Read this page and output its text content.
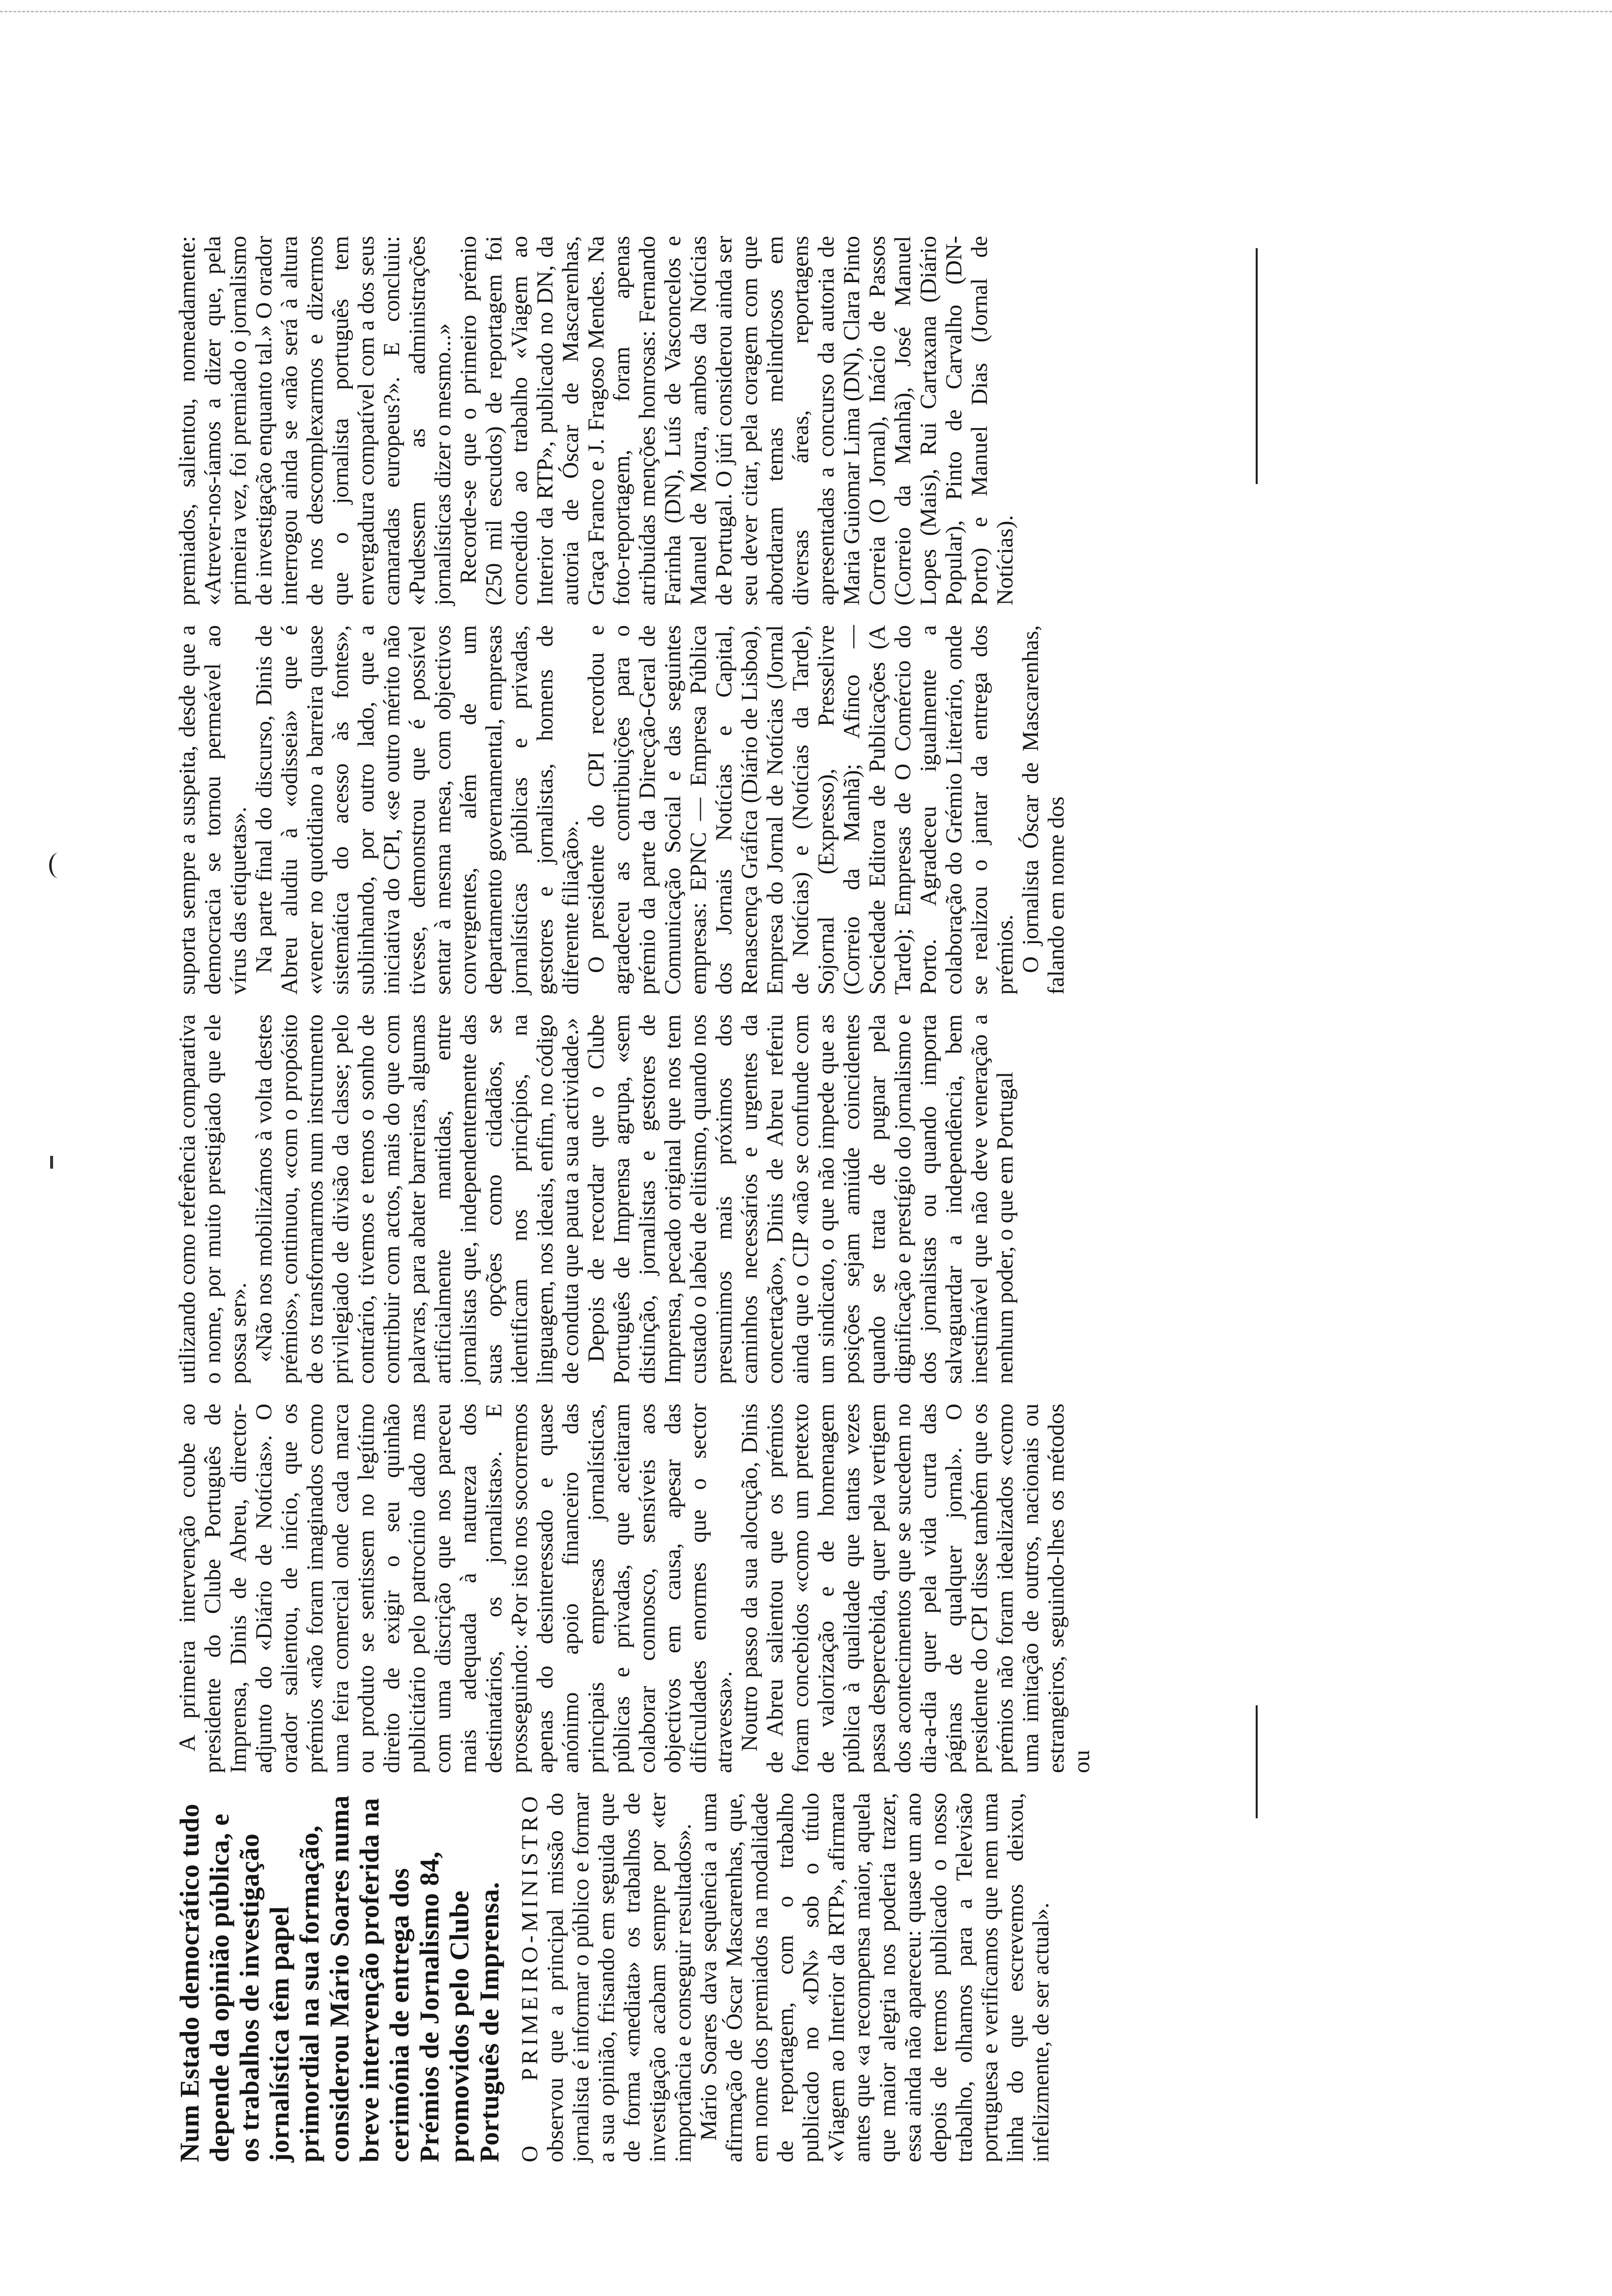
Num Estado democrático tudo depende da opinião pública, e os trabalhos de investigação jornalística têm papel primordial na sua formação, considerou Mário Soares numa breve intervenção proferida na cerimónia de entrega dos Prémios de Jornalismo 84, promovidos pelo Clube Português de Imprensa. O PRIMEIRO-MINISTRO observou que a principal missão do jornalista é informar o público e formar a sua opinião, frisando em seguida que de forma «mediata» os trabalhos de investigação acabam sempre por «ter importância e conseguir resultados». Mário Soares dava sequência a uma afirmação de Óscar Mascarenhas, que, em nome dos premiados na modalidade de reportagem, com o trabalho publicado no «DN» sob o título «Viagem ao Interior da RTP», afirmara antes que «a recompensa maior, aquela que maior alegria nos poderia trazer, essa ainda não apareceu: quase um ano depois de termos publicado o nosso trabalho, olhamos para a Televisão portuguesa e verificamos que nem uma linha do que escrevemos deixou, infelizmente, de ser actual».

A primeira intervenção coube ao presidente do Clube Português de Imprensa, Dinis de Abreu, director-adjunto do «Diário de Notícias». O orador salientou, de início, que os prémios «não foram imaginados como uma feira comercial onde cada marca ou produto se sentissem no legítimo direito de exigir o seu quinhão publicitário pelo patrocínio dado mas com uma discrição que nos pareceu mais adequada à natureza dos destinatários, os jornalistas». E prosseguindo: «Por isto nos socorremos apenas do desinteressado e quase anónimo apoio financeiro das principais empresas jornalísticas, públicas e privadas, que aceitaram colaborar connosco, sensíveis aos objectivos em causa, apesar das dificuldades enormes que o sector atravessa». Noutro passo da sua alocução, Dinis de Abreu salientou que os prémios foram concebidos «como um pretexto de valorização e de homenagem pública à qualidade que tantas vezes passa despercebida, quer pela vertigem dos acontecimentos que se sucedem no dia-a-dia quer pela vida curta das páginas de qualquer jornal». O presidente do CPI disse também que os prémios não foram idealizados «como uma imitação de outros, nacionais ou estrangeiros, seguindo-lhes os métodos ou

utilizando como referência comparativa o nome, por muito prestigiado que ele possa ser». «Não nos mobilizámos à volta destes prémios», continuou, «com o propósito de os transformarmos num instrumento privilegiado de divisão da classe; pelo contrário, tivemos e temos o sonho de contribuir com actos, mais do que com palavras, para abater barreiras, algumas artificialmente mantidas, entre jornalistas que, independentemente das suas opções como cidadãos, se identificam nos princípios, na linguagem, nos ideais, enfim, no código de conduta que pauta a sua actividade.» Depois de recordar que o Clube Português de Imprensa agrupa, «sem distinção, jornalistas e gestores de Imprensa, pecado original que nos tem custado o labéu de elitismo, quando nos presumimos mais próximos dos caminhos necessários e urgentes da concertação», Dinis de Abreu referiu ainda que o CIP «não se confunde com um sindicato, o que não impede que as posições sejam amiúde coincidentes quando se trata de pugnar pela dignificação e prestígio do jornalismo e dos jornalistas ou quando importa salvaguardar a independência, bem inestimável que não deve veneração a nenhum poder, o que em Portugal

suporta sempre a suspeita, desde que a democracia se tornou permeável ao vírus das etiquetas». Na parte final do discurso, Dinis de Abreu aludiu à «odisseia» que é «vencer no quotidiano a barreira quase sistemática do acesso às fontes», sublinhando, por outro lado, que a iniciativa do CPI, «se outro mérito não tivesse, demonstrou que é possível sentar à mesma mesa, com objectivos convergentes, além de um departamento governamental, empresas jornalísticas públicas e privadas, gestores e jornalistas, homens de diferente filiação». O presidente do CPI recordou e agradeceu as contribuições para o prémio da parte da Direcção-Geral de Comunicação Social e das seguintes empresas: EPNC — Empresa Pública dos Jornais Notícias e Capital, Renascença Gráfica (Diário de Lisboa), Empresa do Jornal de Notícias (Jornal de Notícias) e (Notícias da Tarde), Sojornal (Expresso), Presselivre (Correio da Manhã); Afinco — Sociedade Editora de Publicações (A Tarde); Empresas de O Comércio do Porto. Agradeceu igualmente a colaboração do Grémio Literário, onde se realizou o jantar da entrega dos prémios. O jornalista Óscar de Mascarenhas, falando em nome dos

premiados, salientou, nomeadamente: «Atrever-nos-íamos a dizer que, pela primeira vez, foi premiado o jornalismo de investigação enquanto tal.» O orador interrogou ainda se «não será à altura de nos descomplexarmos e dizermos que o jornalista português tem envergadura compatível com a dos seus camaradas europeus?». E concluiu: «Pudessem as administrações jornalísticas dizer o mesmo...» Recorde-se que o primeiro prémio (250 mil escudos) de reportagem foi concedido ao trabalho «Viagem ao Interior da RTP», publicado no DN, da autoria de Óscar de Mascarenhas, Graça Franco e J. Fragoso Mendes. Na foto-reportagem, foram apenas atribuídas menções honrosas: Fernando Farinha (DN), Luís de Vasconcelos e Manuel de Moura, ambos da Notícias de Portugal. O júri considerou ainda ser seu dever citar, pela coragem com que abordaram temas melindrosos em diversas áreas, reportagens apresentadas a concurso da autoria de Maria Guiomar Lima (DN), Clara Pinto Correia (O Jornal), Inácio de Passos (Correio da Manhã), José Manuel Lopes (Mais), Rui Cartaxana (Diário Popular), Pinto de Carvalho (DN-Porto) e Manuel Dias (Jornal de Notícias).
